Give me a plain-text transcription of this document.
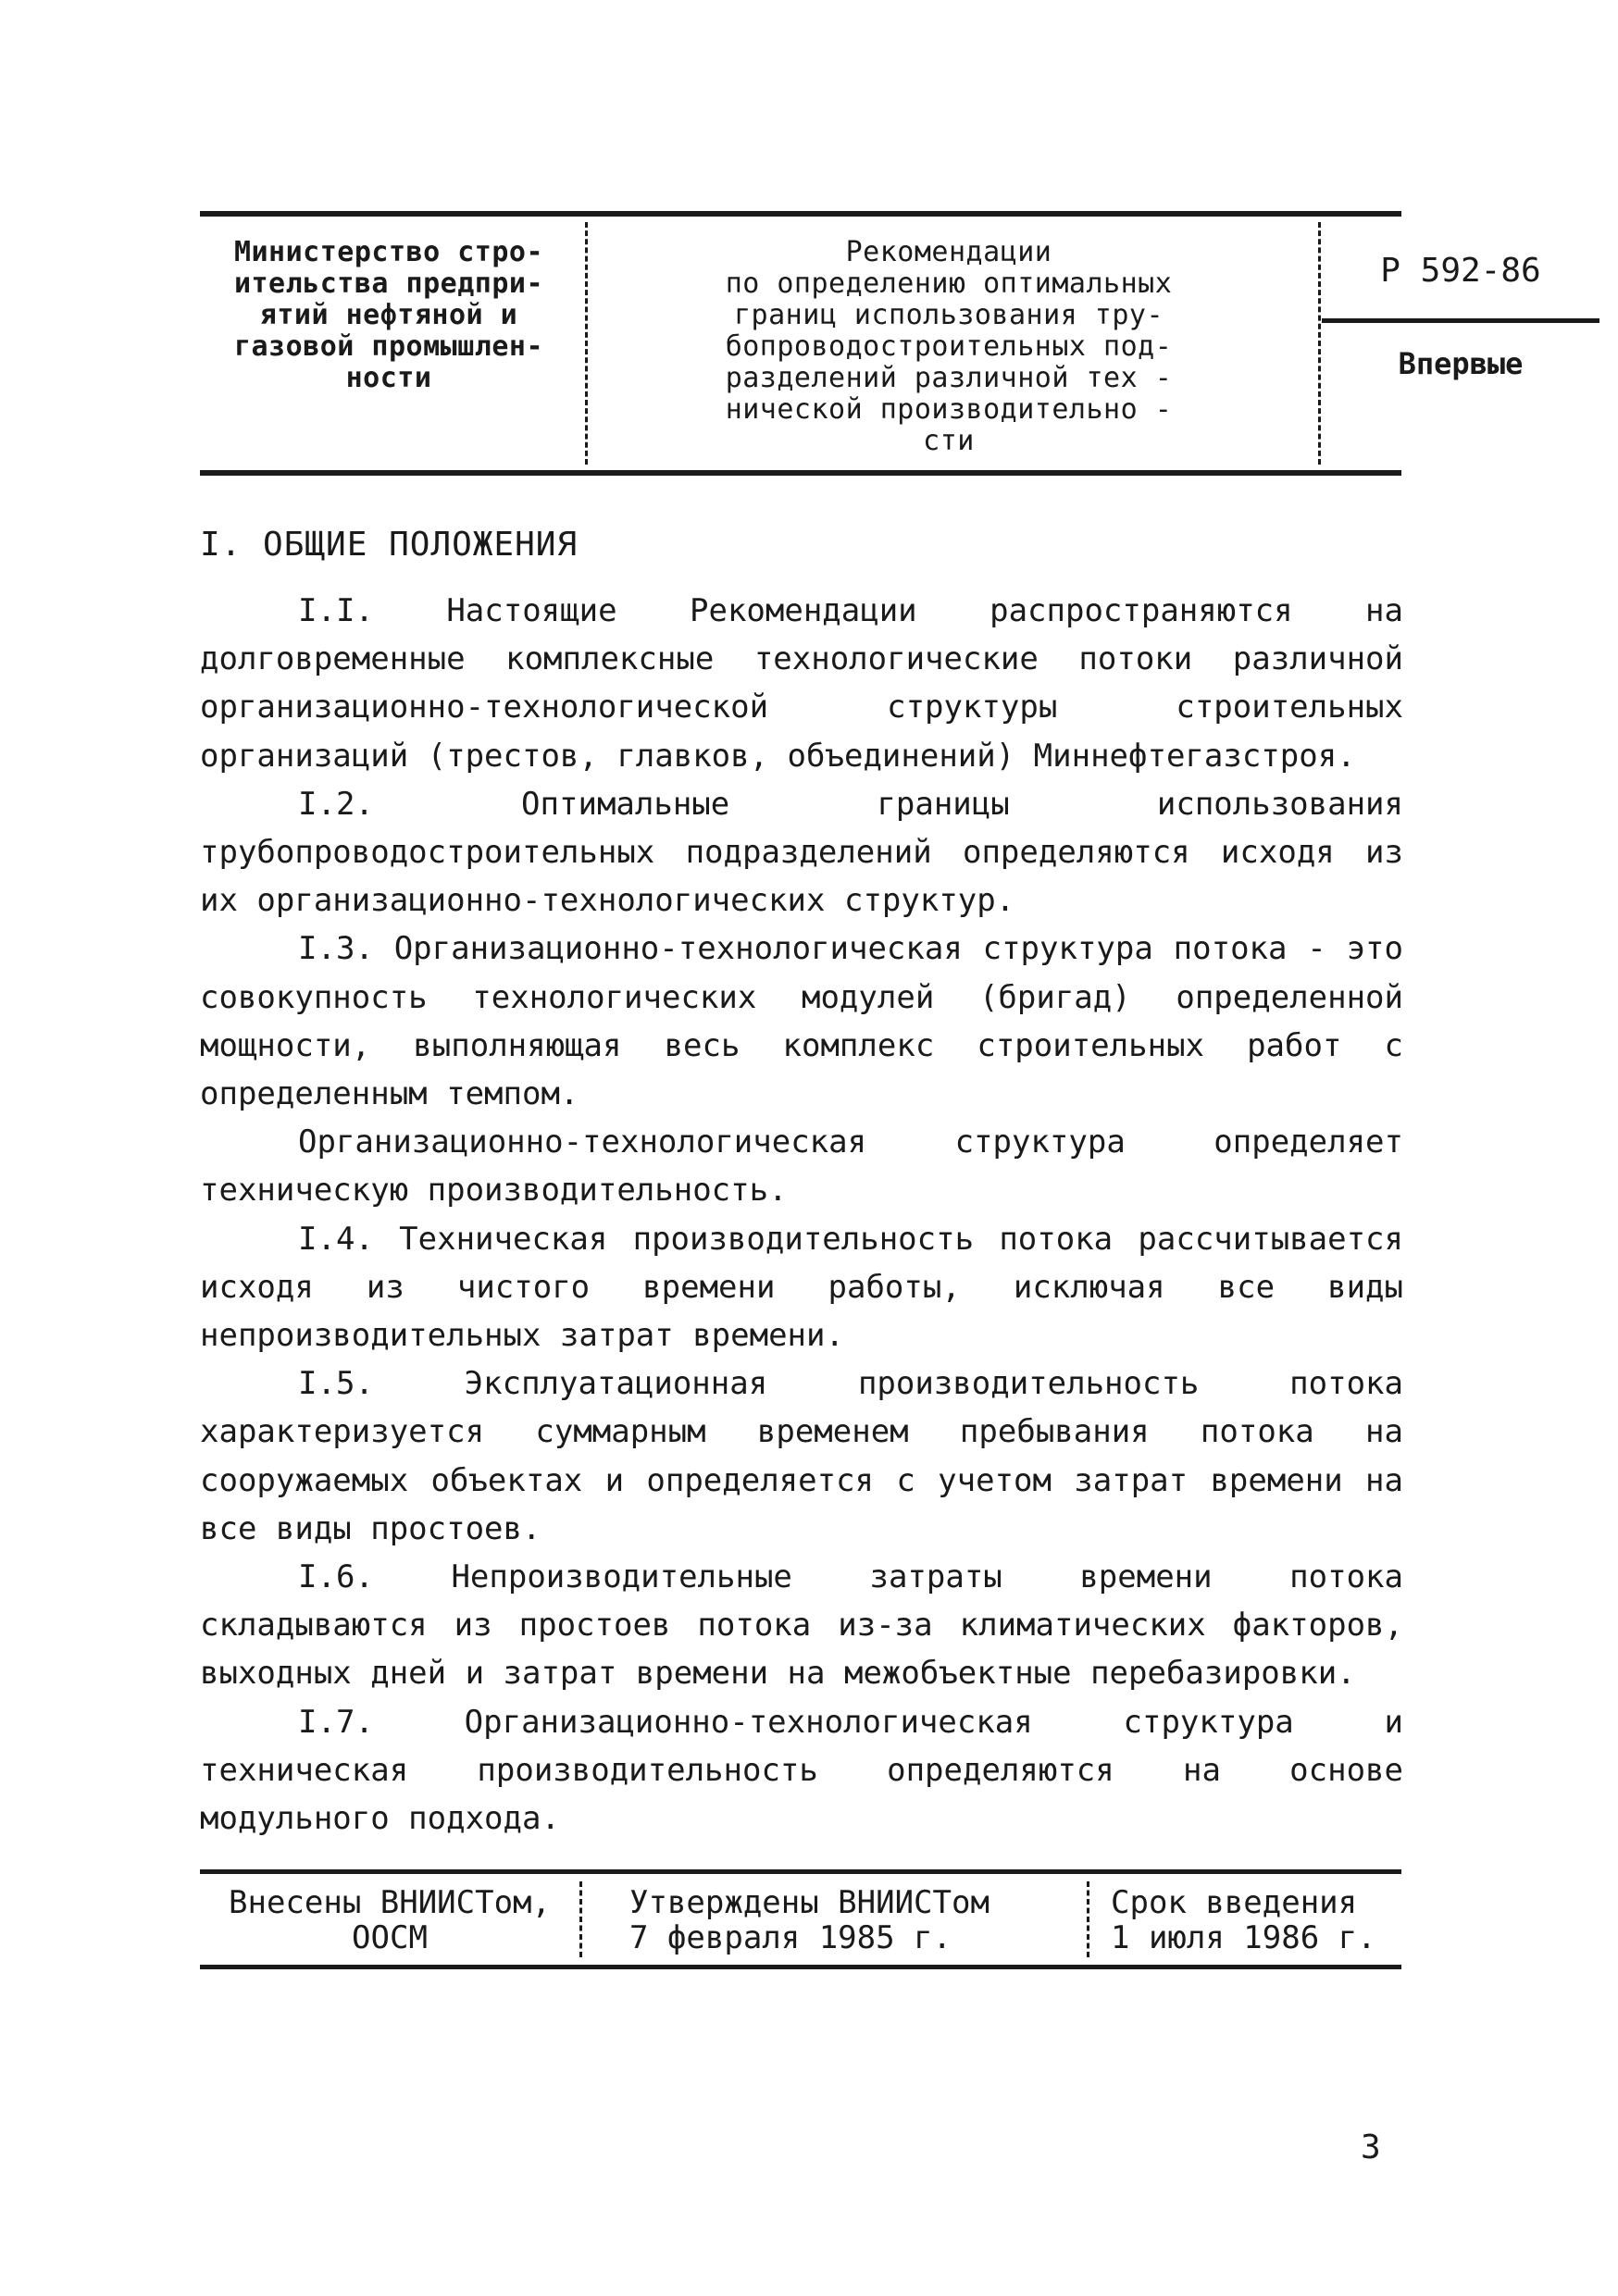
Министерство стро-
ительства предпри-
ятий нефтяной и
газовой промышлен-
ности
Рекомендации
по определению оптимальных
границ использования тру-
бопроводостроительных под-
разделений различной тех -
нической производительно -
сти
Р 592-86
Впервые
I. ОБЩИЕ ПОЛОЖЕНИЯ

I.I. Настоящие Рекомендации распространяются на долговременные комплексные технологические потоки различной организационно-технологической структуры строительных организаций (трестов, главков, объединений) Миннефтегазстроя.

I.2. Оптимальные границы использования трубопроводостроительных подразделений определяются исходя из их организационно-технологических структур.

I.3. Организационно-технологическая структура потока - это совокупность технологических модулей (бригад) определенной мощности, выполняющая весь комплекс строительных работ с определенным темпом.

Организационно-технологическая структура определяет техническую производительность.

I.4. Техническая производительность потока рассчитывается исходя из чистого времени работы, исключая все виды непроизводительных затрат времени.

I.5. Эксплуатационная производительность потока характеризуется суммарным временем пребывания потока на сооружаемых объектах и определяется с учетом затрат времени на все виды простоев.

I.6. Непроизводительные затраты времени потока складываются из простоев потока из-за климатических факторов, выходных дней и затрат времени на межобъектные перебазировки.

I.7. Организационно-технологическая структура и техническая производительность определяются на основе модульного подхода.

Внесены ВНИИСТом,
ООСМ
Утверждены ВНИИСТом
7 февраля 1985 г.
Срок введения
1 июля 1986 г.
3
